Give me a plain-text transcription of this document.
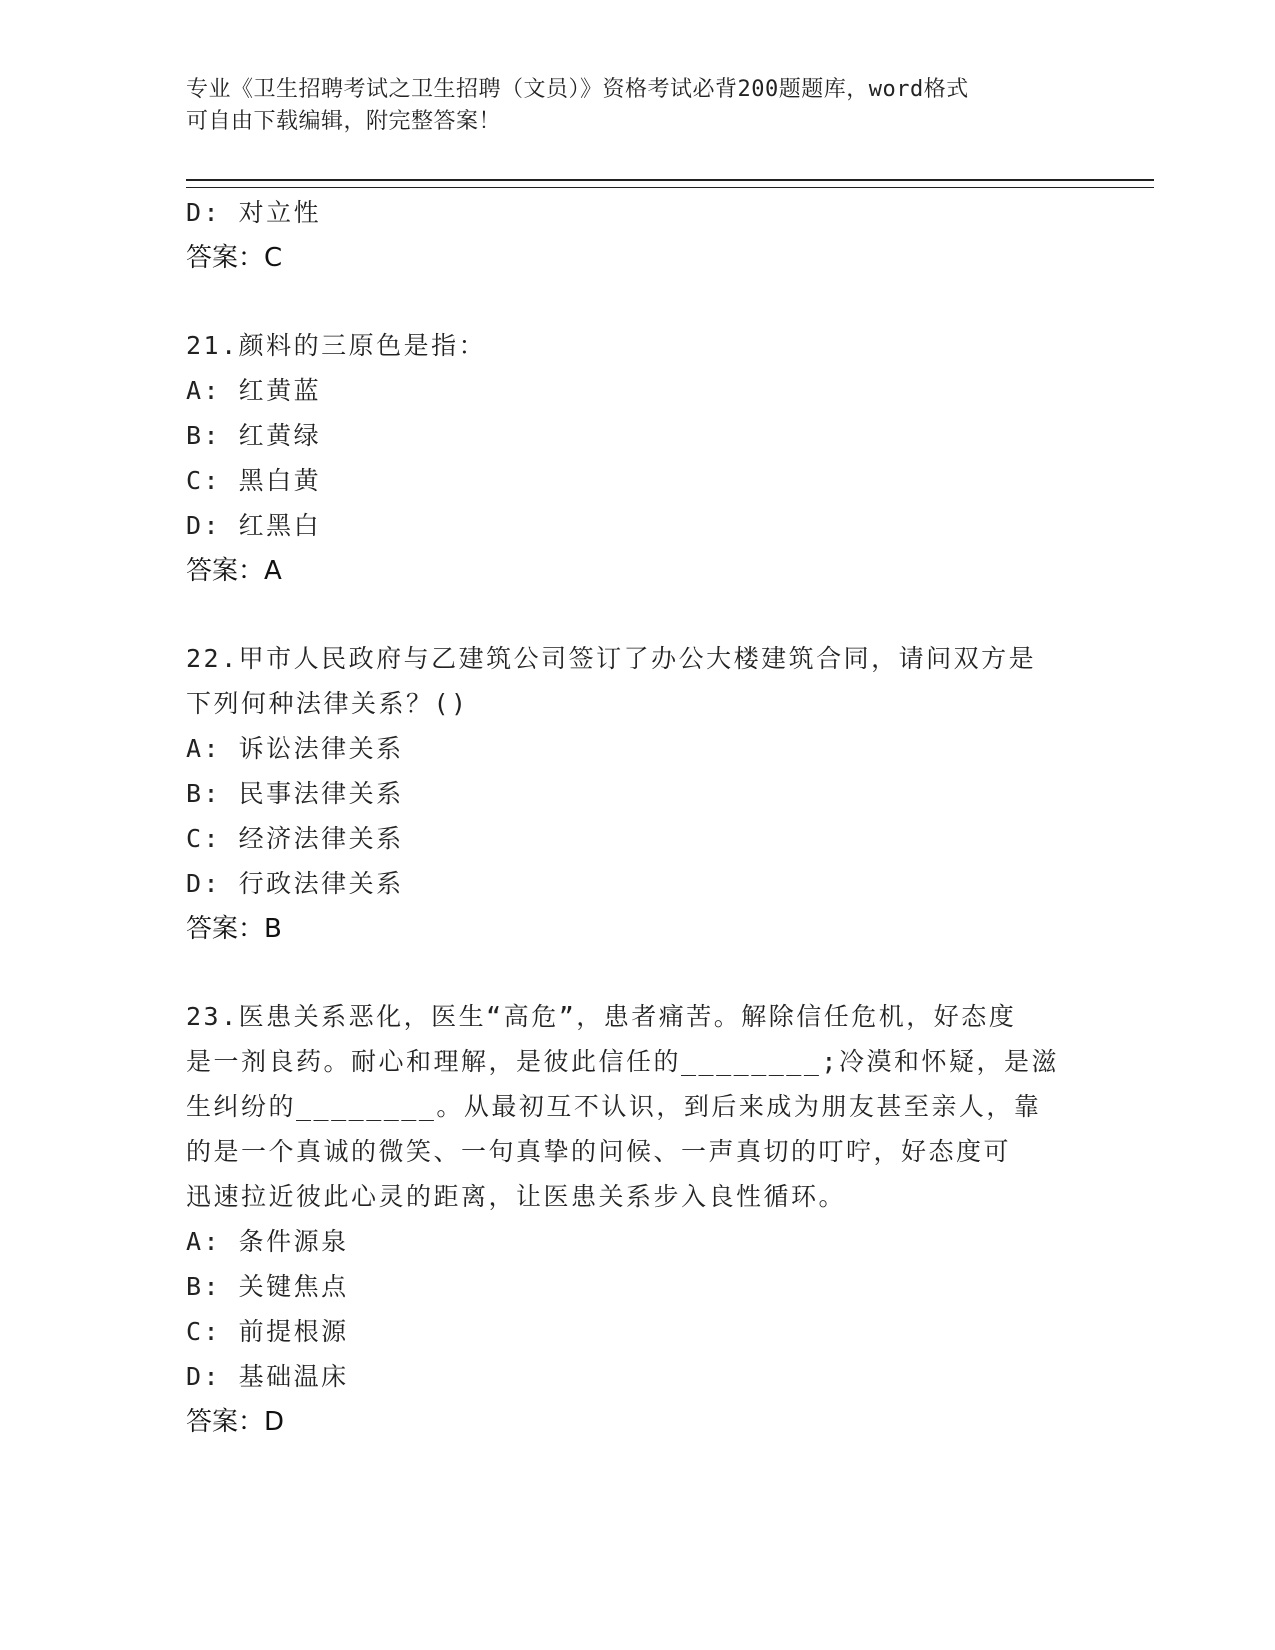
专业《卫生招聘考试之卫生招聘（文员）》资格考试必背200题题库，word格式
可自由下载编辑，附完整答案！
D: 对立性
答案：C
21.颜料的三原色是指：
A: 红黄蓝
B: 红黄绿
C: 黑白黄
D: 红黑白
答案：A
22.甲市人民政府与乙建筑公司签订了办公大楼建筑合同，请问双方是
下列何种法律关系？()
A: 诉讼法律关系
B: 民事法律关系
C: 经济法律关系
D: 行政法律关系
答案：B
23.医患关系恶化，医生“高危”，患者痛苦。解除信任危机，好态度
是一剂良药。耐心和理解，是彼此信任的________;冷漠和怀疑，是滋
生纠纷的________。从最初互不认识，到后来成为朋友甚至亲人，靠
的是一个真诚的微笑、一句真挚的问候、一声真切的叮咛，好态度可
迅速拉近彼此心灵的距离，让医患关系步入良性循环。
A: 条件源泉
B: 关键焦点
C: 前提根源
D: 基础温床
答案：D
